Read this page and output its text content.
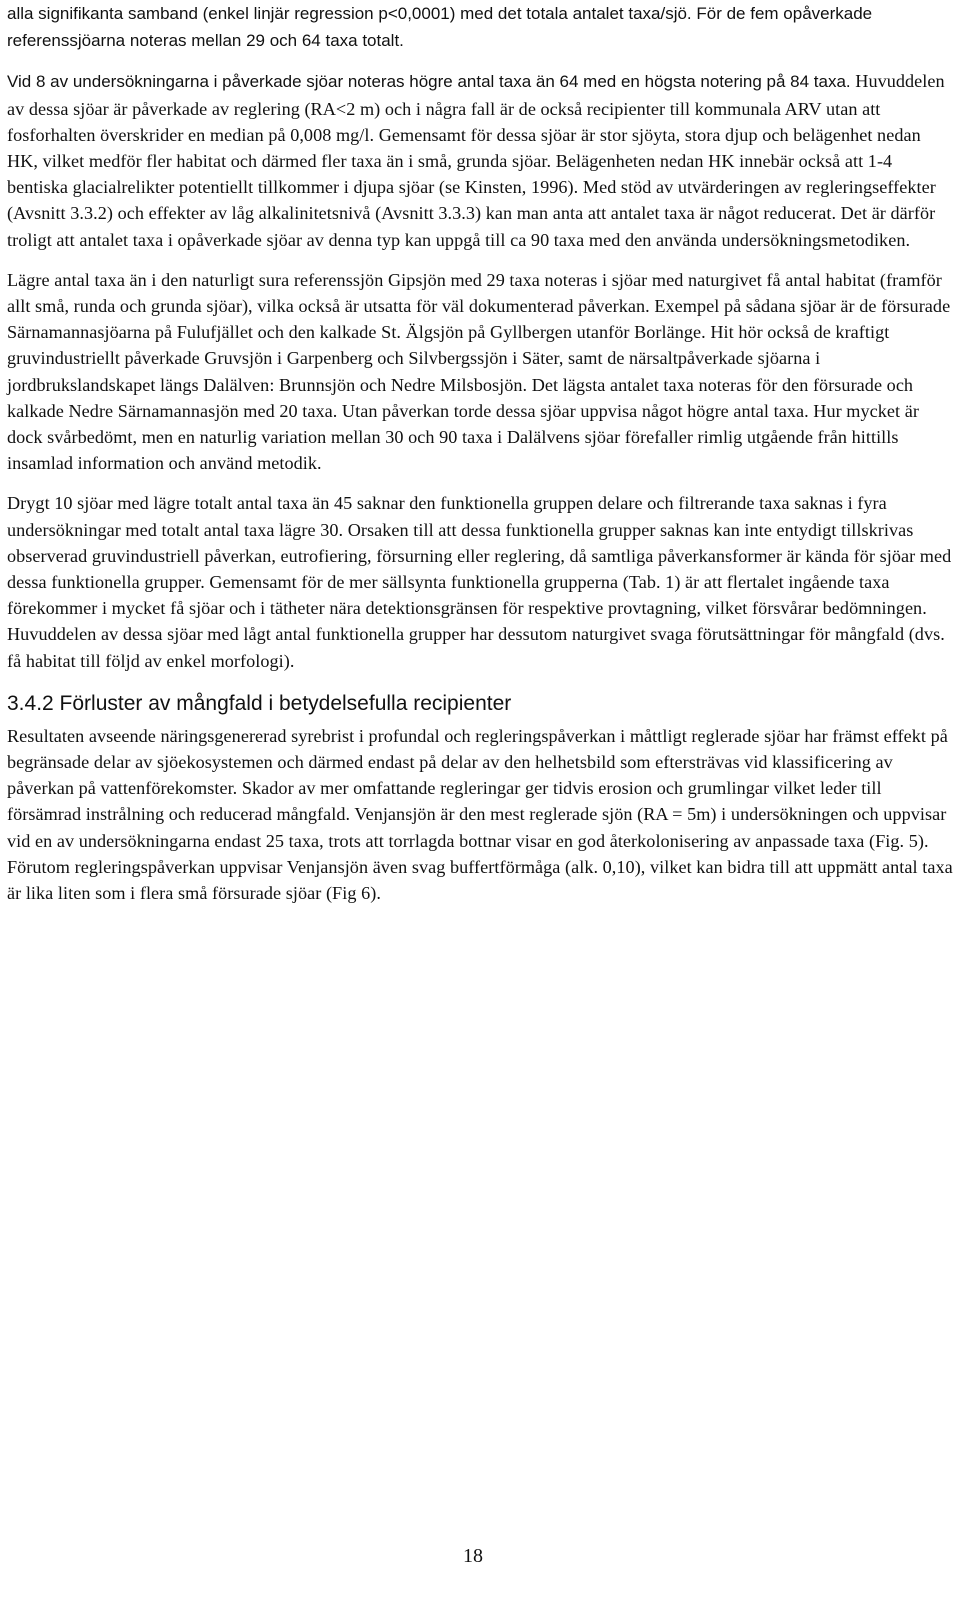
alla signifikanta samband (enkel linjär regression p<0,0001) med det totala antalet taxa/sjö. För de fem opåverkade referenssjöarna noteras mellan 29 och 64 taxa totalt.

Vid 8 av undersökningarna i påverkade sjöar noteras högre antal taxa än 64 med en högsta notering på 84 taxa. Huvuddelen av dessa sjöar är påverkade av reglering (RA<2 m) och i några fall är de också recipienter till kommunala ARV utan att fosforhalten överskrider en median på 0,008 mg/l. Gemensamt för dessa sjöar är stor sjöyta, stora djup och belägenhet nedan HK, vilket medför fler habitat och därmed fler taxa än i små, grunda sjöar. Belägenheten nedan HK innebär också att 1-4 bentiska glacialrelikter potentiellt tillkommer i djupa sjöar (se Kinsten, 1996). Med stöd av utvärderingen av regleringseffekter (Avsnitt 3.3.2) och effekter av låg alkalinitetsnivå (Avsnitt 3.3.3) kan man anta att antalet taxa är något reducerat. Det är därför troligt att antalet taxa i opåverkade sjöar av denna typ kan uppgå till ca 90 taxa med den använda undersökningsmetodiken.

Lägre antal taxa än i den naturligt sura referenssjön Gipsjön med 29 taxa noteras i sjöar med naturgivet få antal habitat (framför allt små, runda och grunda sjöar), vilka också är utsatta för väl dokumenterad påverkan. Exempel på sådana sjöar är de försurade Särnamannasjöarna på Fulufjället och den kalkade St. Älgsjön på Gyllbergen utanför Borlänge. Hit hör också de kraftigt gruvindustriellt påverkade Gruvsjön i Garpenberg och Silvbergssjön i Säter, samt de närsaltpåverkade sjöarna i jordbrukslandskapet längs Dalälven: Brunnsjön och Nedre Milsbosjön. Det lägsta antalet taxa noteras för den försurade och kalkade Nedre Särnamannasjön med 20 taxa. Utan påverkan torde dessa sjöar uppvisa något högre antal taxa. Hur mycket är dock svårbedömt, men en naturlig variation mellan 30 och 90 taxa i Dalälvens sjöar förefaller rimlig utgående från hittills insamlad information och använd metodik.

Drygt 10 sjöar med lägre totalt antal taxa än 45 saknar den funktionella gruppen delare och filtrerande taxa saknas i fyra undersökningar med totalt antal taxa lägre 30. Orsaken till att dessa funktionella grupper saknas kan inte entydigt tillskrivas observerad gruvindustriell påverkan, eutrofiering, försurning eller reglering, då samtliga påverkansformer är kända för sjöar med dessa funktionella grupper. Gemensamt för de mer sällsynta funktionella grupperna (Tab. 1) är att flertalet ingående taxa förekommer i mycket få sjöar och i tätheter nära detektionsgränsen för respektive provtagning, vilket försvårar bedömningen. Huvuddelen av dessa sjöar med lågt antal funktionella grupper har dessutom naturgivet svaga förutsättningar för mångfald (dvs. få habitat till följd av enkel morfologi).

3.4.2 Förluster av mångfald i betydelsefulla recipienter

Resultaten avseende näringsgenererad syrebrist i profundal och regleringspåverkan i måttligt reglerade sjöar har främst effekt på begränsade delar av sjöekosystemen och därmed endast på delar av den helhetsbild som eftersträvas vid klassificering av påverkan på vattenförekomster. Skador av mer omfattande regleringar ger tidvis erosion och grumlingar vilket leder till försämrad instrålning och reducerad mångfald. Venjansjön är den mest reglerade sjön (RA = 5m) i undersökningen och uppvisar vid en av undersökningarna endast 25 taxa, trots att torrlagda bottnar visar en god återkolonisering av anpassade taxa (Fig. 5). Förutom regleringspåverkan uppvisar Venjansjön även svag buffertförmåga (alk. 0,10), vilket kan bidra till att uppmätt antal taxa är lika liten som i flera små försurade sjöar (Fig 6).

18
